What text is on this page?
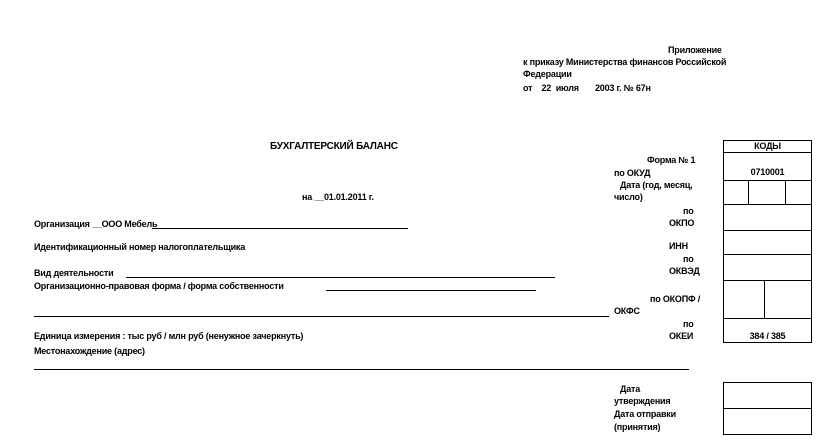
Приложение
к приказу Министерства финансов Российской
Федерации
от    22  июля       2003 г. № 67н
БУХГАЛТЕРСКИЙ БАЛАНС
на __01.01.2011 г.
КОДЫ
Форма № 1
по ОКУД
Дата (год, месяц,
число)
по
ОКПО
ИНН
по
ОКВЭД
по ОКОПФ /
ОКФС
по
ОКЕИ
0710001
384 / 385
Организация __ООО Мебель
Идентификационный номер налогоплательщика
Вид деятельности
Организационно-правовая форма / форма собственности
Единица измерения : тыс руб / млн руб (ненужное зачеркнуть)
Местонахождение (адрес)
Дата
утверждения
Дата отправки
(принятия)
